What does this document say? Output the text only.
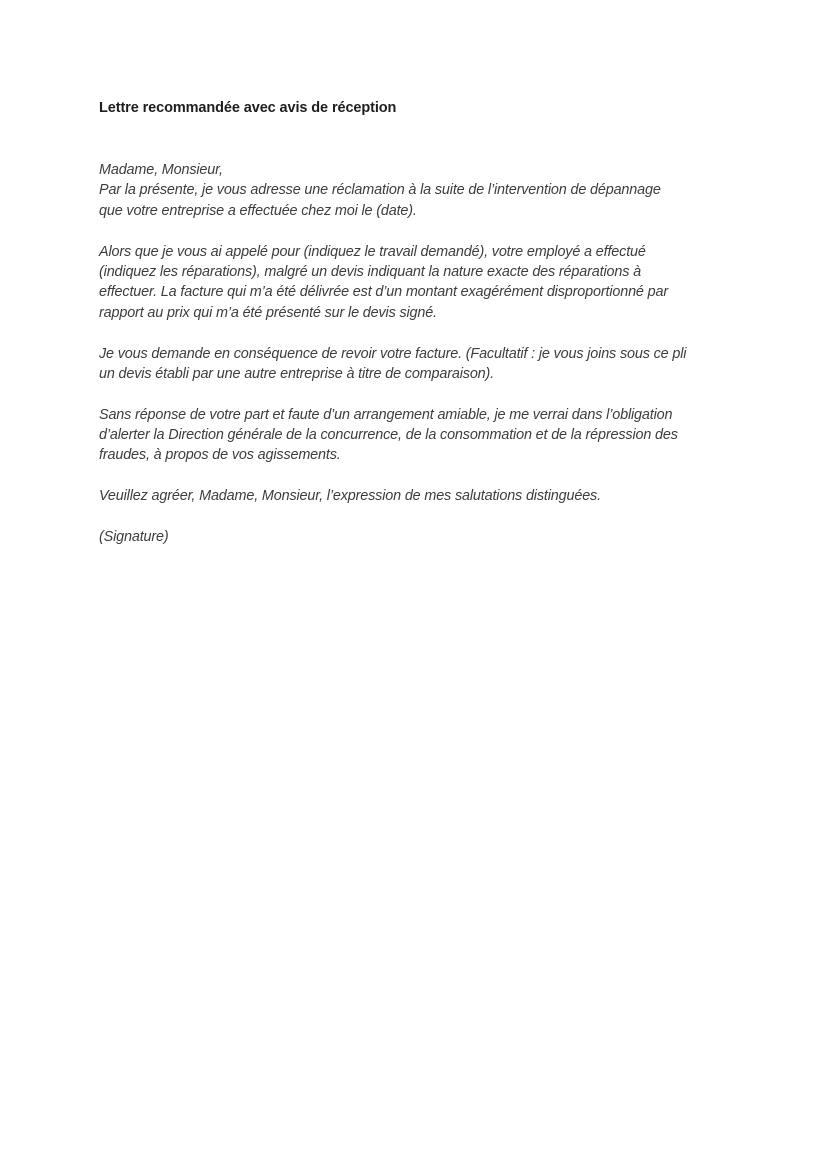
Lettre recommandée avec avis de réception
Madame, Monsieur,
Par la présente, je vous adresse une réclamation à la suite de l’intervention de dépannage
que votre entreprise a effectuée chez moi le (date).
Alors que je vous ai appelé pour (indiquez le travail demandé), votre employé a effectué
(indiquez les réparations), malgré un devis indiquant la nature exacte des réparations à
effectuer. La facture qui m’a été délivrée est d’un montant exagérément disproportionné par
rapport au prix qui m’a été présenté sur le devis signé.
Je vous demande en conséquence de revoir votre facture. (Facultatif : je vous joins sous ce pli
un devis établi par une autre entreprise à titre de comparaison).
Sans réponse de votre part et faute d’un arrangement amiable, je me verrai dans l’obligation
d’alerter la Direction générale de la concurrence, de la consommation et de la répression des
fraudes, à propos de vos agissements.
Veuillez agréer, Madame, Monsieur, l’expression de mes salutations distinguées.
(Signature)
